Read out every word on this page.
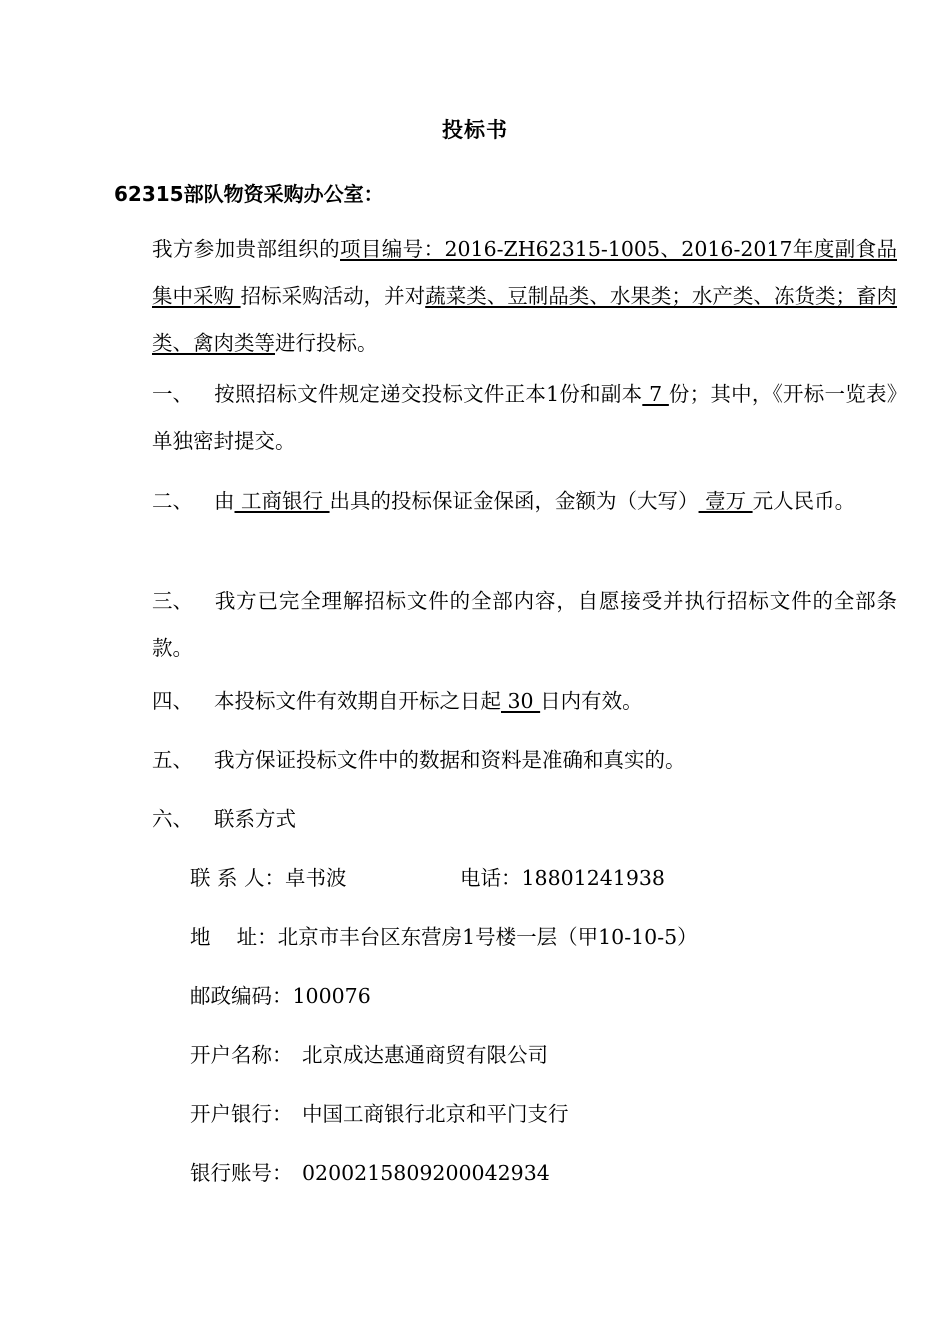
投标书
62315部队物资采购办公室：
我方参加贵部组织的项目编号：2016-ZH62315-1005、2016-2017年度副食品集中采购 招标采购活动，并对蔬菜类、豆制品类、水果类；水产类、冻货类；畜肉类、禽肉类等进行投标。
一、 按照招标文件规定递交投标文件正本1份和副本 7 份；其中，《开标一览表》单独密封提交。
二、 由 工商银行 出具的投标保证金保函，金额为（大写） 壹万 元人民币。
三、 我方已完全理解招标文件的全部内容，自愿接受并执行招标文件的全部条款。
四、 本投标文件有效期自开标之日起 30 日内有效。
五、 我方保证投标文件中的数据和资料是准确和真实的。
六、 联系方式
联 系 人：卓书波	电话：18801241938
地    址：北京市丰台区东营房1号楼一层（甲10-10-5）
邮政编码：100076
开户名称： 北京成达惠通商贸有限公司
开户银行： 中国工商银行北京和平门支行
银行账号： 0200215809200042934
